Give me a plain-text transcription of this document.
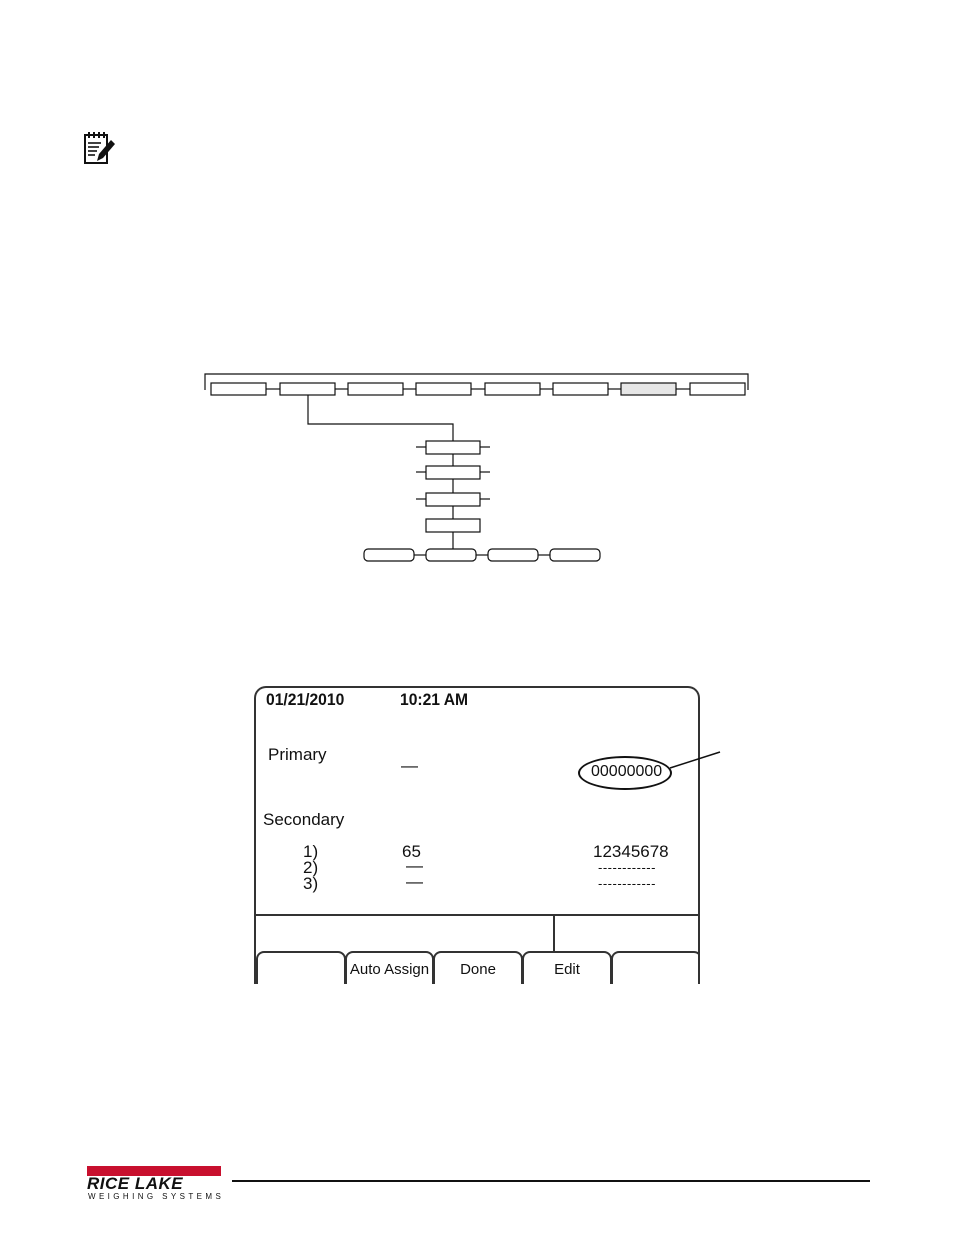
01/21/2010	10:21 AM
Primary
—	00000000
Secondary
1)	65	12345678
2)	—	------------
3)	—	------------
Auto Assign	Done	Edit
RICE LAKE
WEIGHING SYSTEMS
